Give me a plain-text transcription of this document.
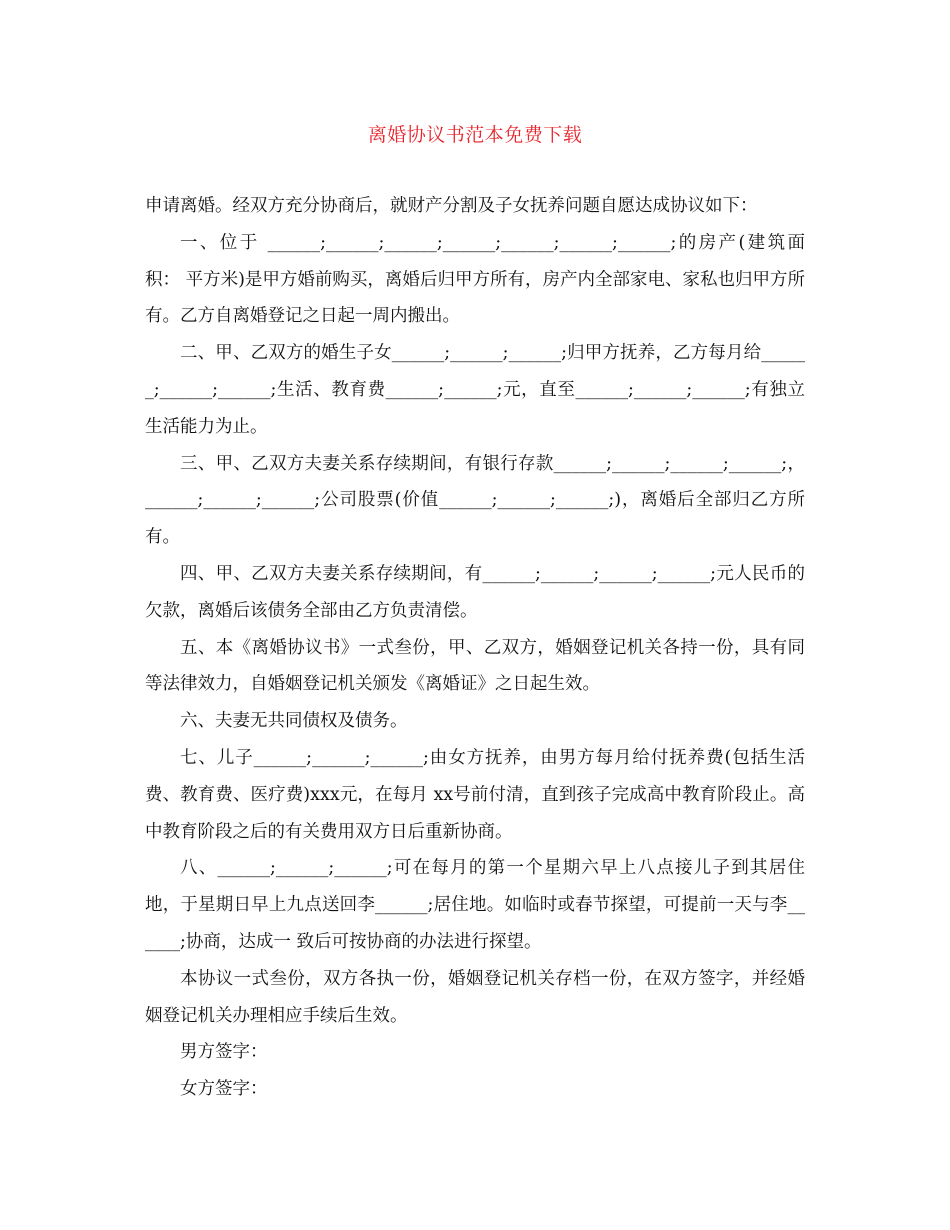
离婚协议书范本免费下载

申请离婚。经双方充分协商后，就财产分割及子女抚养问题自愿达成协议如下：

一、位于 ______;______;______;______;______;______;______;的房产(建筑面积： 平方米)是甲方婚前购买，离婚后归甲方所有，房产内全部家电、家私也归甲方所有。乙方自离婚登记之日起一周内搬出。

二、甲、乙双方的婚生子女______;______;______;归甲方抚养，乙方每月给______;______;______;生活、教育费______;______;元，直至______;______;______;有独立生活能力为止。

三、甲、乙双方夫妻关系存续期间，有银行存款______;______;______;______;，______;______;______;公司股票(价值______;______;______;)，离婚后全部归乙方所有。

四、甲、乙双方夫妻关系存续期间，有______;______;______;______;元人民币的欠款，离婚后该债务全部由乙方负责清偿。

五、本《离婚协议书》一式叁份，甲、乙双方，婚姻登记机关各持一份，具有同等法律效力，自婚姻登记机关颁发《离婚证》之日起生效。

六、夫妻无共同债权及债务。

七、儿子______;______;______;由女方抚养，由男方每月给付抚养费(包括生活费、教育费、医疗费)xxx元，在每月 xx号前付清，直到孩子完成高中教育阶段止。高中教育阶段之后的有关费用双方日后重新协商。

八、______;______;______;可在每月的第一个星期六早上八点接儿子到其居住地，于星期日早上九点送回李______;居住地。如临时或春节探望，可提前一天与李______;协商，达成一 致后可按协商的办法进行探望。

本协议一式叁份，双方各执一份，婚姻登记机关存档一份，在双方签字，并经婚姻登记机关办理相应手续后生效。

男方签字：

女方签字：
